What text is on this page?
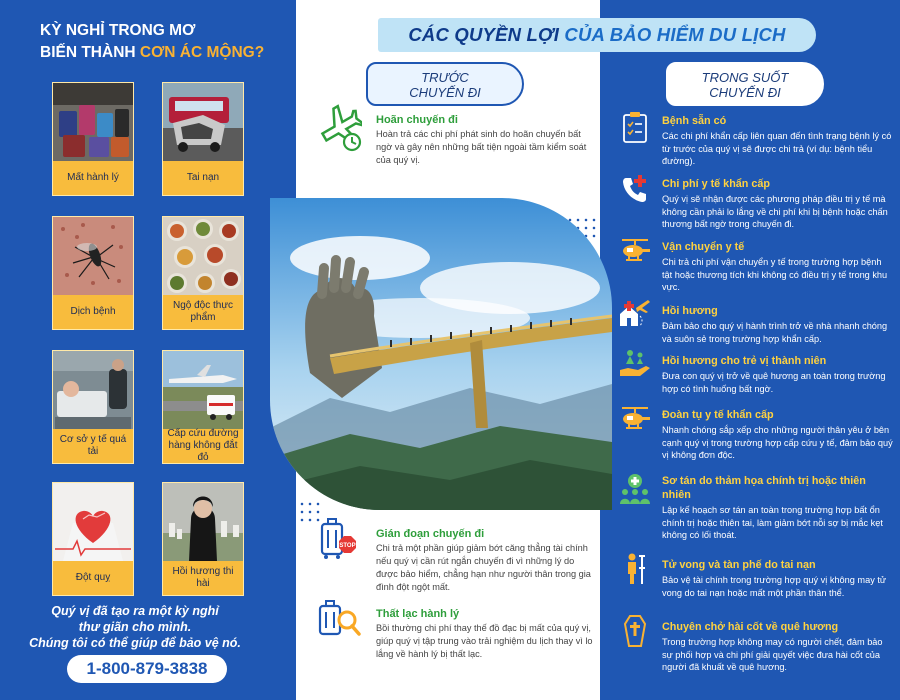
KỲ NGHỈ TRONG MƠ
BIẾN THÀNH CƠN ÁC MỘNG?
Mất hành lý	Tai nạn
Dịch bệnh
Ngộ độc thực phẩm
Cơ sở y tế quá tải
Cấp cứu đường hàng không đắt đỏ
Đột quỵ
Hồi hương thi hài
Quý vị đã tạo ra một kỳ nghỉ
thư giãn cho mình.
Chúng tôi có thể giúp để bảo vệ nó.
1-800-879-3838
CÁC QUYỀN LỢI CỦA BẢO HIỂM DU LỊCH
TRƯỚC
CHUYẾN ĐI
TRONG SUỐT
CHUYẾN ĐI
Hoãn chuyến đi
Hoàn trả các chi phí phát sinh do hoãn chuyến bất ngờ và gây nên những bất tiện ngoài tầm kiểm soát của quý vị.
STOP
Gián đoạn chuyến đi
Chi trả một phần giúp giảm bớt căng thẳng tài chính nếu quý vị cần rút ngắn chuyến đi vì những lý do được bảo hiểm, chẳng hạn như người thân trong gia đình đột ngột mất.
Thất lạc hành lý
Bồi thường chi phí thay thế đồ đạc bị mất của quý vị, giúp quý vị tập trung vào trải nghiệm du lịch thay vì lo lắng về hành lý bị thất lạc.
Bệnh sẵn có
Các chi phí khẩn cấp liên quan đến tình trạng bệnh lý có từ trước của quý vị sẽ được chi trả (ví dụ: bệnh tiểu đường).
Chi phí y tế khẩn cấp
Quý vị sẽ nhận được các phương pháp điều trị y tế mà không cần phải lo lắng về chi phí khi bị bệnh hoặc chấn thương bất ngờ trong chuyến đi.
Vận chuyển y tế
Chi trả chi phí vận chuyển y tế trong trường hợp bệnh tật hoặc thương tích khi không có điều trị y tế trong khu vực.
Hồi hương
Đảm bảo cho quý vị hành trình trở về nhà nhanh chóng và suôn sẻ trong trường hợp khẩn cấp.
Hồi hương cho trẻ vị thành niên
Đưa con quý vị trở về quê hương an toàn trong trường hợp có tình huống bất ngờ.
Đoàn tụ y tế khẩn cấp
Nhanh chóng sắp xếp cho những người thân yêu ở bên cạnh quý vị trong trường hợp cấp cứu y tế, đảm bảo quý vị không đơn độc.
Sơ tán do thảm họa chính trị hoặc thiên nhiên
Lập kế hoạch sơ tán an toàn trong trường hợp bất ổn chính trị hoặc thiên tai, làm giảm bớt nỗi sợ bị mắc kẹt không có lối thoát.
Tử vong và tàn phế do tai nạn
Bảo vệ tài chính trong trường hợp quý vị không may tử vong do tai nạn hoặc mất một phần thân thể.
Chuyên chở hài cốt về quê hương
Trong trường hợp không may có người chết, đảm bảo sự phối hợp và chi phí giải quyết việc đưa hài cốt của người đã khuất về quê hương.
